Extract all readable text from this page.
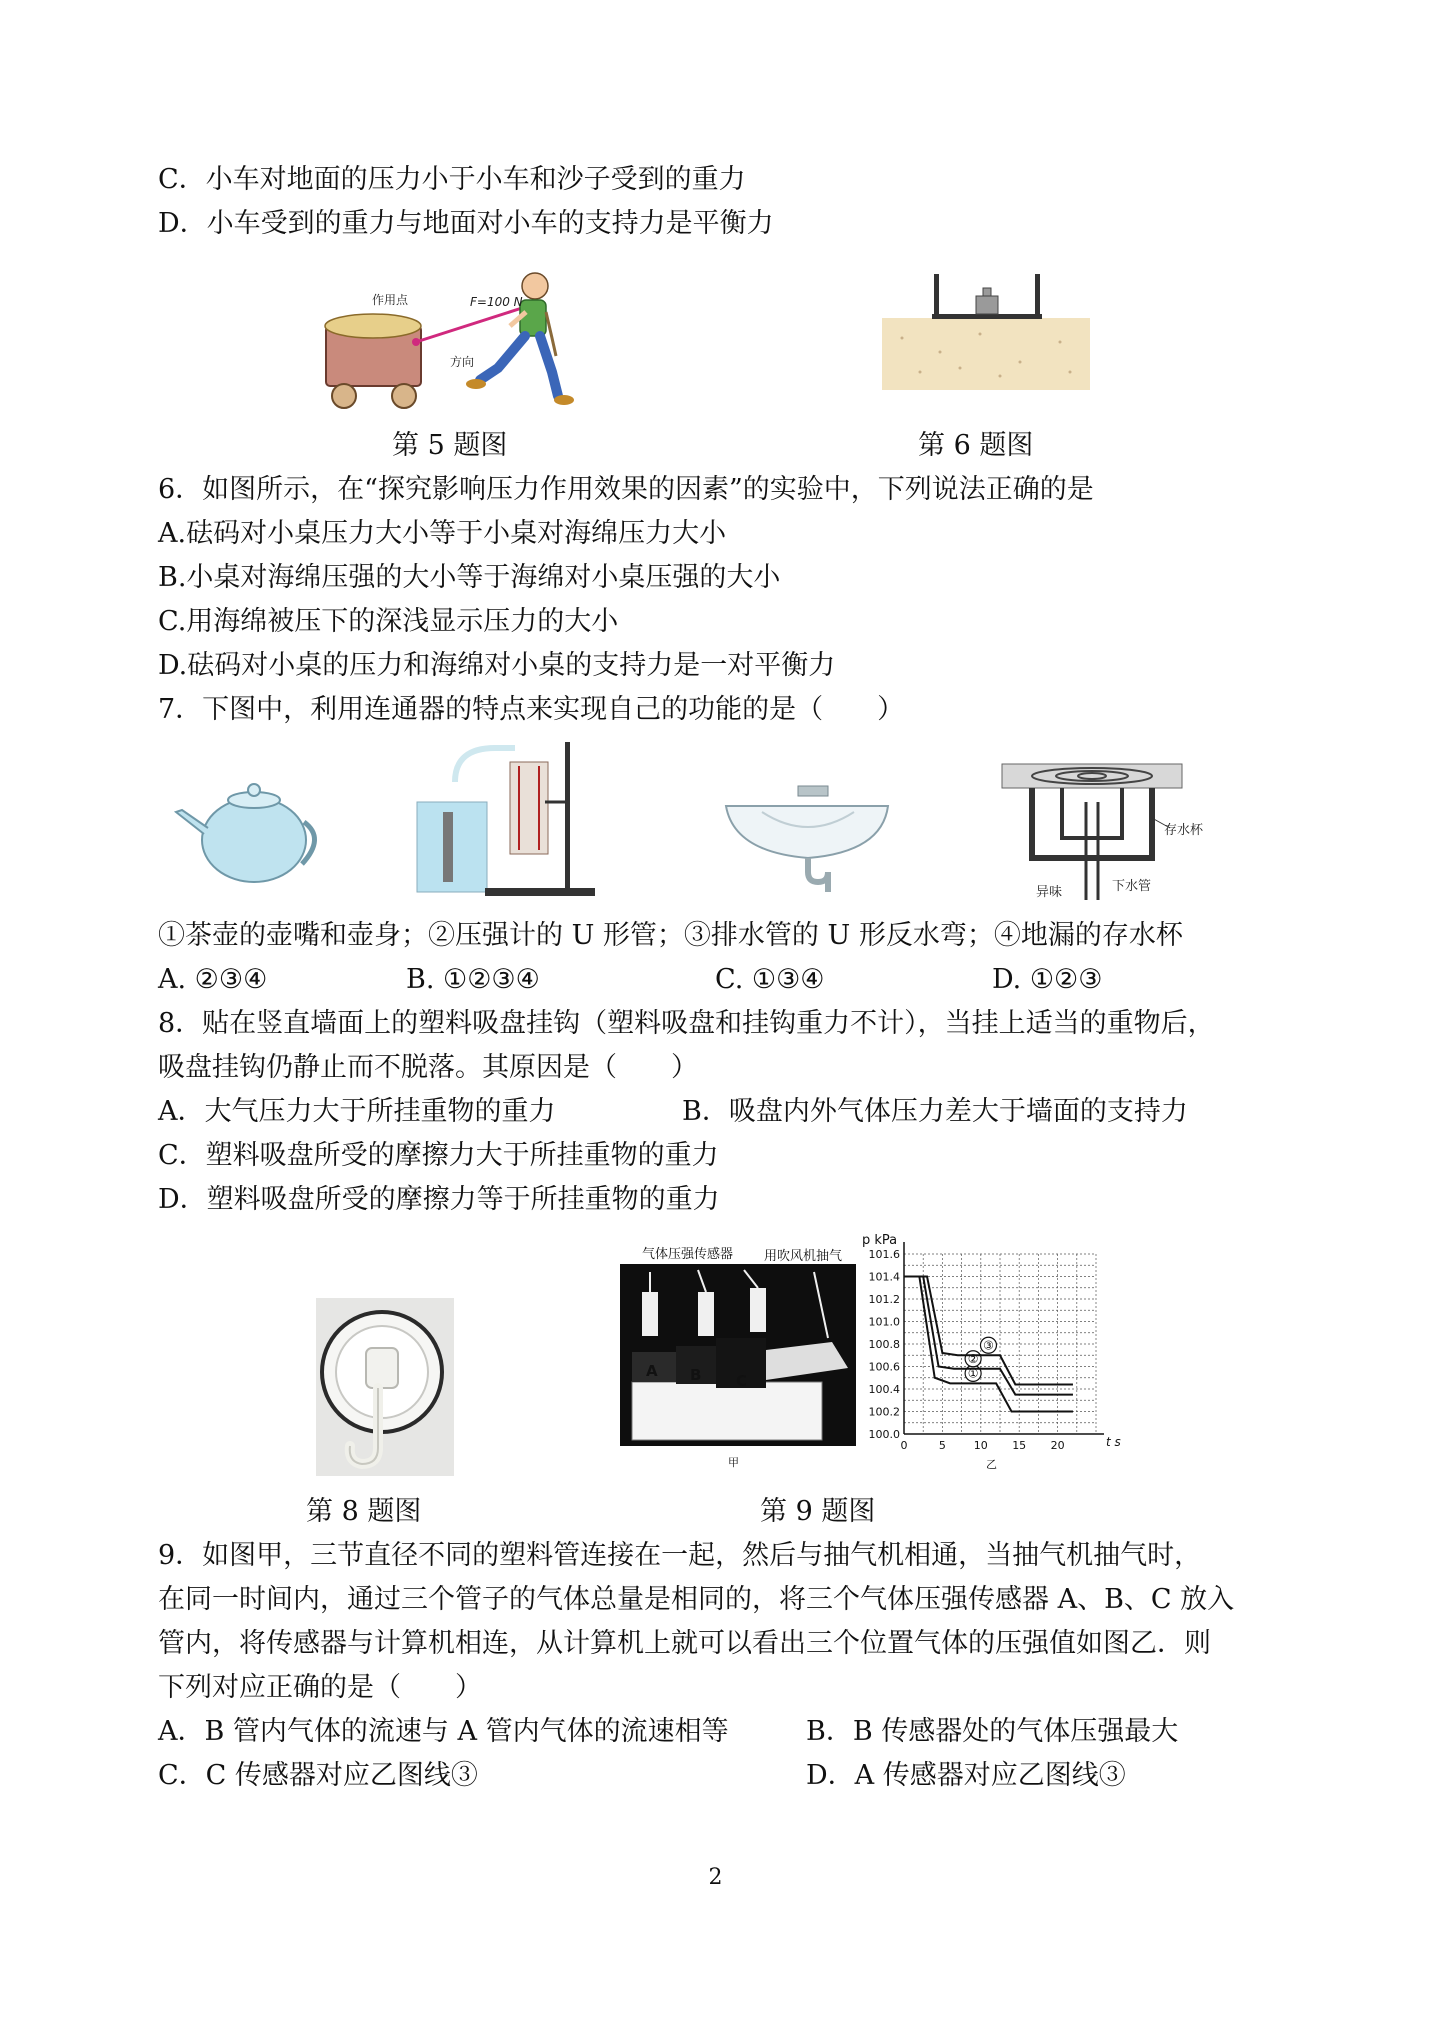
C．小车对地面的压力小于小车和沙子受到的重力
D．小车受到的重力与地面对小车的支持力是平衡力
作用点	F=100 N
方向
第 5 题图	第 6 题图
6．如图所示，在“探究影响压力作用效果的因素”的实验中，下列说法正确的是
A.砝码对小桌压力大小等于小桌对海绵压力大小
B.小桌对海绵压强的大小等于海绵对小桌压强的大小
C.用海绵被压下的深浅显示压力的大小
D.砝码对小桌的压力和海绵对小桌的支持力是一对平衡力
7．下图中，利用连通器的特点来实现自己的功能的是（　　）
存水杯
异味	下水管
①茶壶的壶嘴和壶身；②压强计的 U 形管；③排水管的 U 形反水弯；④地漏的存水杯
A. ②③④	B. ①②③④	C. ①③④	D. ①②③
8．贴在竖直墙面上的塑料吸盘挂钩（塑料吸盘和挂钩重力不计），当挂上适当的重物后，
吸盘挂钩仍静止而不脱落。其原因是（　　）
A．大气压力大于所挂重物的重力	B．吸盘内外气体压力差大于墙面的支持力
C．塑料吸盘所受的摩擦力大于所挂重物的重力
D．塑料吸盘所受的摩擦力等于所挂重物的重力
第 8 题图
气体压强传感器 用吹风机抽气
A B C
甲
100.0
100.2
100.4
100.6
100.8
101.0
101.2
101.4
101.6
0	5	10 15 20
①
②
③
p kPa
t s
乙
第 9 题图
9．如图甲，三节直径不同的塑料管连接在一起，然后与抽气机相通，当抽气机抽气时，
在同一时间内，通过三个管子的气体总量是相同的，将三个气体压强传感器 A、B、C 放入
管内，将传感器与计算机相连，从计算机上就可以看出三个位置气体的压强值如图乙．则
下列对应正确的是（　　）
A．B 管内气体的流速与 A 管内气体的流速相等	B．B 传感器处的气体压强最大
C．C 传感器对应乙图线③	D．A 传感器对应乙图线③
2
